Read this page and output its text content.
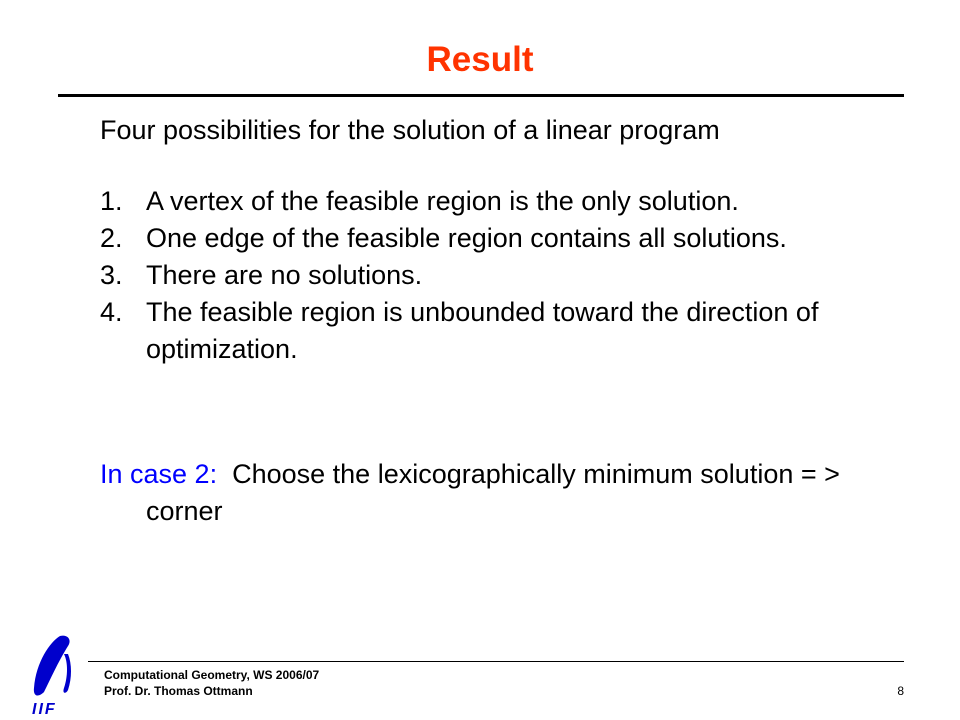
Result

Four possibilities for the solution of a linear program

1. A vertex of the feasible region is the only solution.
2. One edge of the feasible region contains all solutions.
3. There are no solutions.
4. The feasible region is unbounded toward the direction of optimization.
In case 2: Choose the lexicographically minimum solution = > corner
IIF
Computational Geometry, WS 2006/07
Prof. Dr. Thomas Ottmann	8
